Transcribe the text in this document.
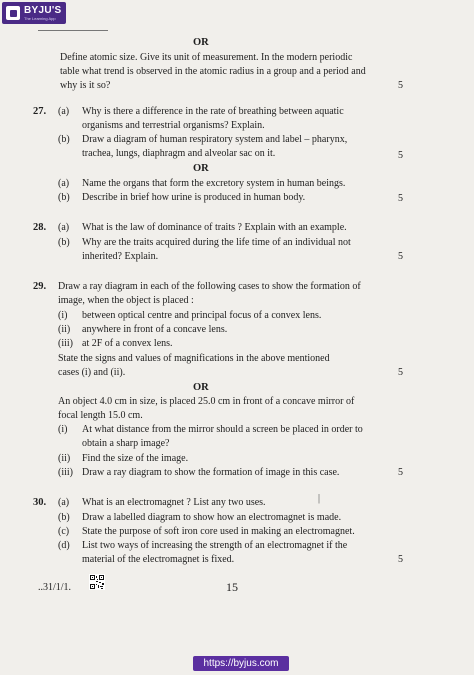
BYJU'S
The Learning App
OR
Define atomic size. Give its unit of measurement. In the modern periodic
table what trend is observed in the atomic radius in a group and a period and
why is it so?	5
27. (a) Why is there a difference in the rate of breathing between aquatic
organisms and terrestrial organisms? Explain.
(b) Draw a diagram of human respiratory system and label – pharynx,
trachea, lungs, diaphragm and alveolar sac on it.	5
OR
(a) Name the organs that form the excretory system in human beings.
(b) Describe in brief how urine is produced in human body.	5
28. (a) What is the law of dominance of traits ? Explain with an example.
(b) Why are the traits acquired during the life time of an individual not
inherited? Explain.	5
29. Draw a ray diagram in each of the following cases to show the formation of
image, when the object is placed :
(i) between optical centre and principal focus of a convex lens.
(ii) anywhere in front of a concave lens.
(iii) at 2F of a convex lens.
State the signs and values of magnifications in the above mentioned
cases (i) and (ii).	5
OR
An object 4.0 cm in size, is placed 25.0 cm in front of a concave mirror of
focal length 15.0 cm.
(i) At what distance from the mirror should a screen be placed in order to
obtain a sharp image?
(ii) Find the size of the image.
(iii) Draw a ray diagram to show the formation of image in this case.	5
|
30. (a) What is an electromagnet ? List any two uses.
(b) Draw a labelled diagram to show how an electromagnet is made.
(c) State the purpose of soft iron core used in making an electromagnet.
(d) List two ways of increasing the strength of an electromagnet if the
material of the electromagnet is fixed.	5
..31/1/1.	15
https://byjus.com
